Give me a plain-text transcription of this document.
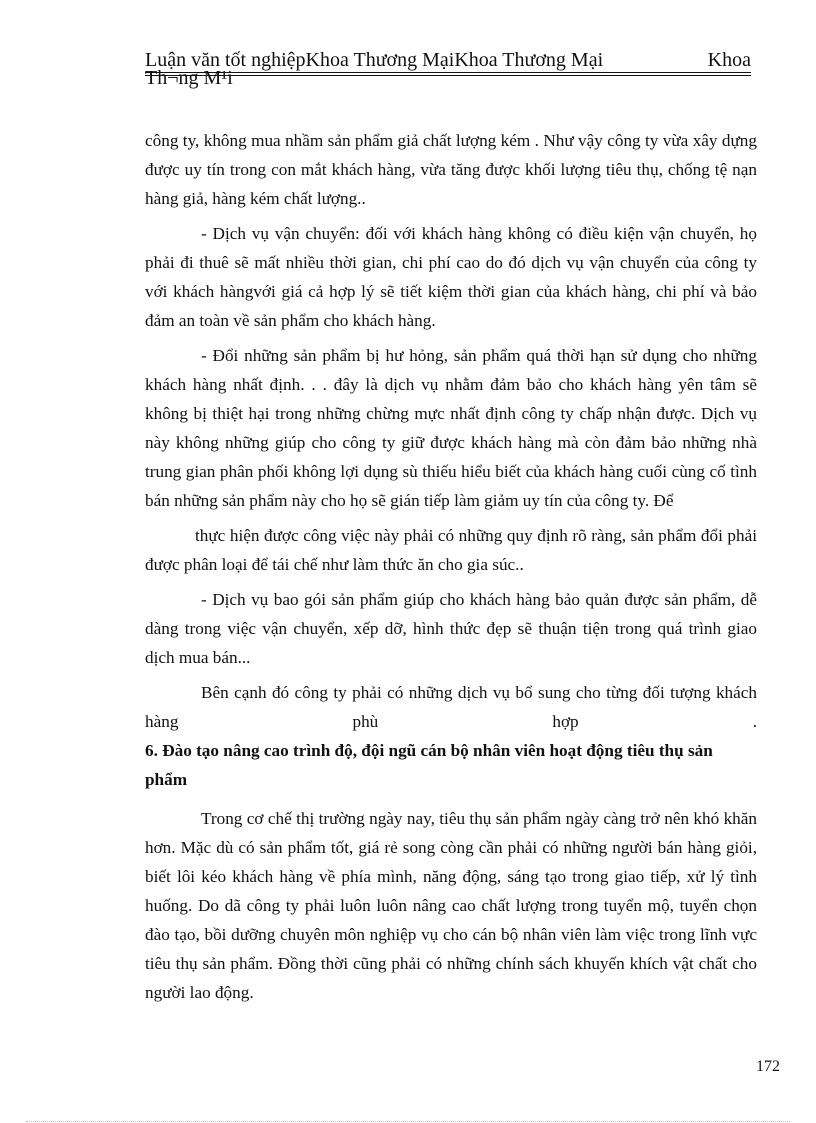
Luận văn tốt nghiệpKhoa Thương MạiKhoa Thương Mại	Khoa
Th¬ng M¹i

công ty, không mua nhầm sản phẩm giả chất lượng kém . Như vậy công ty vừa xây dựng được uy tín trong con mắt khách hàng, vừa tăng được khối lượng tiêu thụ, chống tệ nạn hàng giả, hàng kém chất lượng..

- Dịch vụ vận chuyển: đối với khách hàng không có điều kiện vận chuyển, họ phải đi thuê sẽ mất nhiều thời gian, chi phí cao do đó dịch vụ vận chuyển của công ty với khách hàngvới giá cả hợp lý sẽ tiết kiệm thời gian của khách hàng, chi phí và bảo đảm an toàn về sản phẩm cho khách hàng.

- Đổi những sản phẩm bị hư hỏng, sản phẩm quá thời hạn sử dụng cho những khách hàng nhất định. . . đây là dịch vụ nhằm đảm bảo cho khách hàng yên tâm sẽ không bị thiệt hại trong những chừng mực nhất định công ty chấp nhận được. Dịch vụ này không những giúp cho công ty giữ được khách hàng mà còn đảm bảo những nhà trung gian phân phối không lợi dụng sù thiếu hiểu biết của khách hàng cuối cùng cố tình bán những sản phẩm này cho họ sẽ gián tiếp làm giảm uy tín của công ty. Để

thực hiện được công việc này phải có những quy định rõ ràng, sản phẩm đổi phải được phân loại để tái chế như làm thức ăn cho gia súc..

- Dịch vụ bao gói sản phẩm giúp cho khách hàng bảo quản được sản phẩm, dễ dàng trong việc vận chuyển, xếp dỡ, hình thức đẹp sẽ thuận tiện trong quá trình giao dịch mua bán...

Bên cạnh đó công ty phải có những dịch vụ bổ sung cho từng đối tượng khách hàng phù hợp .

6. Đào tạo nâng cao trình độ, đội ngũ cán bộ nhân viên hoạt động tiêu thụ sản phẩm

Trong cơ chế thị trường ngày nay, tiêu thụ sản phẩm ngày càng trở nên khó khăn hơn. Mặc dù có sản phẩm tốt, giá rẻ song còng cần phải có những người bán hàng giỏi, biết lôi kéo khách hàng về phía mình, năng động, sáng tạo trong giao tiếp, xử lý tình huống. Do dã công ty phải luôn luôn nâng cao chất lượng trong tuyển mộ, tuyển chọn đào tạo, bồi dưỡng chuyên môn nghiệp vụ cho cán bộ nhân viên làm việc trong lĩnh vực tiêu thụ sản phẩm. Đồng thời cũng phải có những chính sách khuyến khích vật chất cho người lao động.

172
